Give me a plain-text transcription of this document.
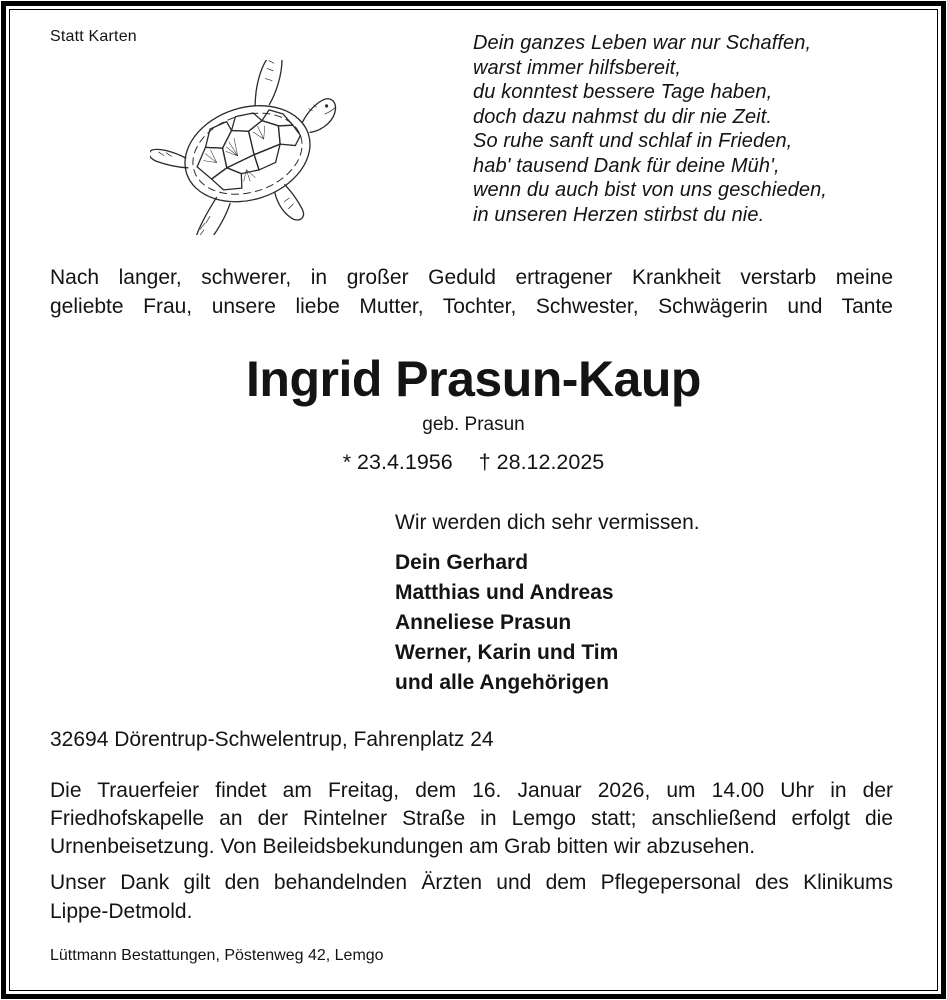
Statt Karten	Dein ganzes Leben war nur Schaffen,
warst immer hilfsbereit,
du konntest bessere Tage haben,
doch dazu nahmst du dir nie Zeit.
So ruhe sanft und schlaf in Frieden,
hab' tausend Dank für deine Müh',
wenn du auch bist von uns geschieden,
in unseren Herzen stirbst du nie.
Nach langer, schwerer, in großer Geduld ertragener Krankheit verstarb meine
geliebte Frau, unsere liebe Mutter, Tochter, Schwester, Schwägerin und Tante
Ingrid Prasun-Kaup
geb. Prasun
* 23.4.1956 † 28.12.2025
Wir werden dich sehr vermissen.
Dein Gerhard
Matthias und Andreas
Anneliese Prasun
Werner, Karin und Tim
und alle Angehörigen
32694 Dörentrup-Schwelentrup, Fahrenplatz 24
Die Trauerfeier findet am Freitag, dem 16. Januar 2026, um 14.00 Uhr in der
Friedhofskapelle an der Rintelner Straße in Lemgo statt; anschließend erfolgt die
Urnenbeisetzung. Von Beileidsbekundungen am Grab bitten wir abzusehen.
Unser Dank gilt den behandelnden Ärzten und dem Pflegepersonal des Klinikums
Lippe-Detmold.
Lüttmann Bestattungen, Pöstenweg 42, Lemgo
